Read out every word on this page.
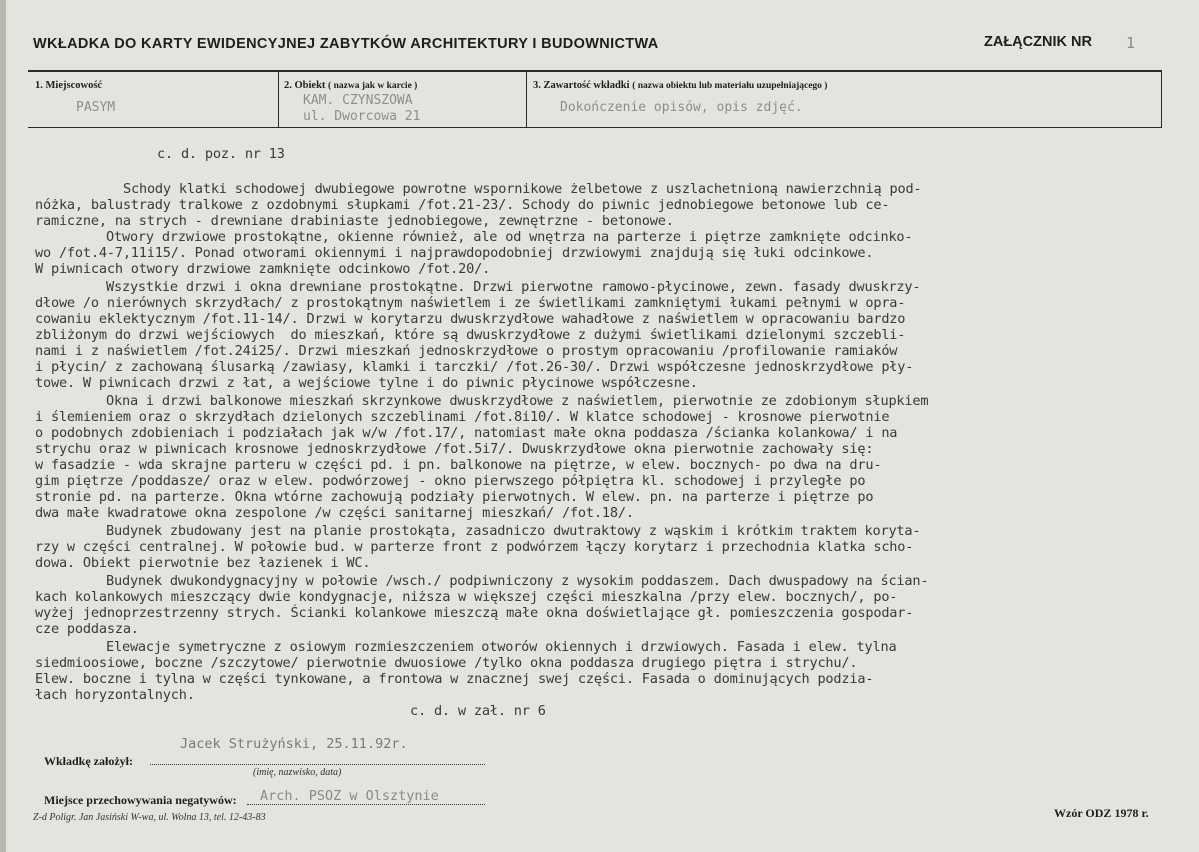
WKŁADKA DO KARTY EWIDENCYJNEJ ZABYTKÓW ARCHITEKTURY I BUDOWNICTWA	ZAŁĄCZNIK NR 1
1. Miejscowość
PASYM
2. Obiekt ( nazwa jak w karcie )
KAM. CZYNSZOWA
ul. Dworcowa 21
3. Zawartość wkładki ( nazwa obiektu lub materiału uzupełniającego )
Dokończenie opisów, opis zdjęć.
c. d. poz. nr 13
Schody klatki schodowej dwubiegowe powrotne wspornikowe żelbetowe z uszlachetnioną nawierzchnią pod-
nóżka, balustrady tralkowe z ozdobnymi słupkami /fot.21-23/. Schody do piwnic jednobiegowe betonowe lub ce-
ramiczne, na strych - drewniane drabiniaste jednobiegowe, zewnętrzne - betonowe.
Otwory drzwiowe prostokątne, okienne również, ale od wnętrza na parterze i piętrze zamknięte odcinko-
wo /fot.4-7,11i15/. Ponad otworami okiennymi i najprawdopodobniej drzwiowymi znajdują się łuki odcinkowe.
W piwnicach otwory drzwiowe zamknięte odcinkowo /fot.20/.
Wszystkie drzwi i okna drewniane prostokątne. Drzwi pierwotne ramowo-płycinowe, zewn. fasady dwuskrzy-
dłowe /o nierównych skrzydłach/ z prostokątnym naświetlem i ze świetlikami zamkniętymi łukami pełnymi w opra-
cowaniu eklektycznym /fot.11-14/. Drzwi w korytarzu dwuskrzydłowe wahadłowe z naświetlem w opracowaniu bardzo
zbliżonym do drzwi wejściowych  do mieszkań, które są dwuskrzydłowe z dużymi świetlikami dzielonymi szczebli-
nami i z naświetlem /fot.24i25/. Drzwi mieszkań jednoskrzydłowe o prostym opracowaniu /profilowanie ramiaków
i płycin/ z zachowaną ślusarką /zawiasy, klamki i tarczki/ /fot.26-30/. Drzwi współczesne jednoskrzydłowe pły-
towe. W piwnicach drzwi z łat, a wejściowe tylne i do piwnic płycinowe współczesne.
Okna i drzwi balkonowe mieszkań skrzynkowe dwuskrzydłowe z naświetlem, pierwotnie ze zdobionym słupkiem
i ślemieniem oraz o skrzydłach dzielonych szczeblinami /fot.8i10/. W klatce schodowej - krosnowe pierwotnie
o podobnych zdobieniach i podziałach jak w/w /fot.17/, natomiast małe okna poddasza /ścianka kolankowa/ i na
strychu oraz w piwnicach krosnowe jednoskrzydłowe /fot.5i7/. Dwuskrzydłowe okna pierwotnie zachowały się:
w fasadzie - wda skrajne parteru w części pd. i pn. balkonowe na piętrze, w elew. bocznych- po dwa na dru-
gim piętrze /poddasze/ oraz w elew. podwórzowej - okno pierwszego półpiętra kl. schodowej i przyległe po
stronie pd. na parterze. Okna wtórne zachowują podziały pierwotnych. W elew. pn. na parterze i piętrze po
dwa małe kwadratowe okna zespolone /w części sanitarnej mieszkań/ /fot.18/.
Budynek zbudowany jest na planie prostokąta, zasadniczo dwutraktowy z wąskim i krótkim traktem koryta-
rzy w części centralnej. W połowie bud. w parterze front z podwórzem łączy korytarz i przechodnia klatka scho-
dowa. Obiekt pierwotnie bez łazienek i WC.
Budynek dwukondygnacyjny w połowie /wsch./ podpiwniczony z wysokim poddaszem. Dach dwuspadowy na ścian-
kach kolankowych mieszczący dwie kondygnacje, niższa w większej części mieszkalna /przy elew. bocznych/, po-
wyżej jednoprzestrzenny strych. Ścianki kolankowe mieszczą małe okna doświetlające gł. pomieszczenia gospodar-
cze poddasza.
Elewacje symetryczne z osiowym rozmieszczeniem otworów okiennych i drzwiowych. Fasada i elew. tylna
siedmioosiowe, boczne /szczytowe/ pierwotnie dwuosiowe /tylko okna poddasza drugiego piętra i strychu/.
Elew. boczne i tylna w części tynkowane, a frontowa w znacznej swej części. Fasada o dominujących podzia-
łach horyzontalnych.
c. d. w zał. nr 6
Jacek Strużyński, 25.11.92r.
Wkładkę założył:
(imię, nazwisko, data)
Arch. PSOZ w Olsztynie
Miejsce przechowywania negatywów:
Z-d Poligr. Jan Jasiński W-wa, ul. Wolna 13, tel. 12-43-83	Wzór ODZ 1978 r.
